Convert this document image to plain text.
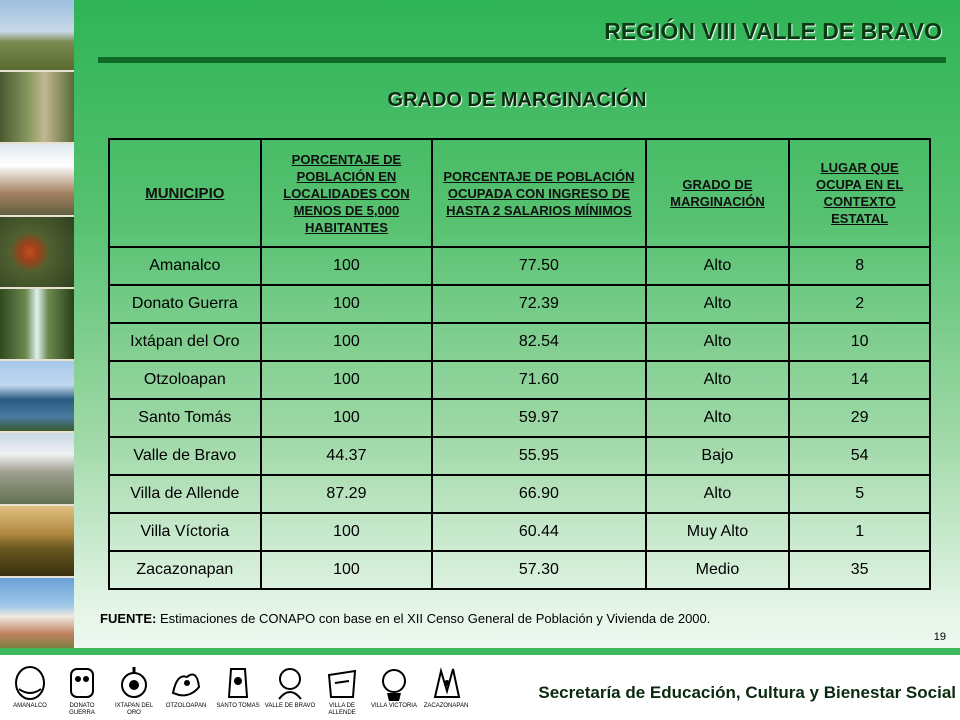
REGIÓN VIII VALLE DE BRAVO
GRADO DE MARGINACIÓN
MUNICIPIO	PORCENTAJE DE POBLACIÓN EN LOCALIDADES CON MENOS DE 5,000 HABITANTES	PORCENTAJE DE POBLACIÓN OCUPADA CON INGRESO DE HASTA 2 SALARIOS MÍNIMOS	GRADO DE MARGINACIÓN	LUGAR QUE OCUPA EN EL CONTEXTO ESTATAL
Amanalco	100	77.50	Alto	8
Donato Guerra	100	72.39	Alto	2
Ixtápan del Oro	100	82.54	Alto	10
Otzoloapan	100	71.60	Alto	14
Santo Tomás	100	59.97	Alto	29
Valle de Bravo	44.37	55.95	Bajo	54
Villa de Allende	87.29	66.90	Alto	5
Villa Víctoria	100	60.44	Muy Alto	1
Zacazonapan	100	57.30	Medio	35
FUENTE: Estimaciones de CONAPO con base en el XII Censo General de Población y Vivienda de 2000.
19
AMANALCO	DONATO GUERRA
IXTAPAN DEL ORO
OTZOLOAPAN SANTO TOMAS VALLE DE BRAVO	VILLA DE ALLENDE
VILLA VICTORIA ZACAZONAPAN
Secretaría de Educación, Cultura y Bienestar Social
